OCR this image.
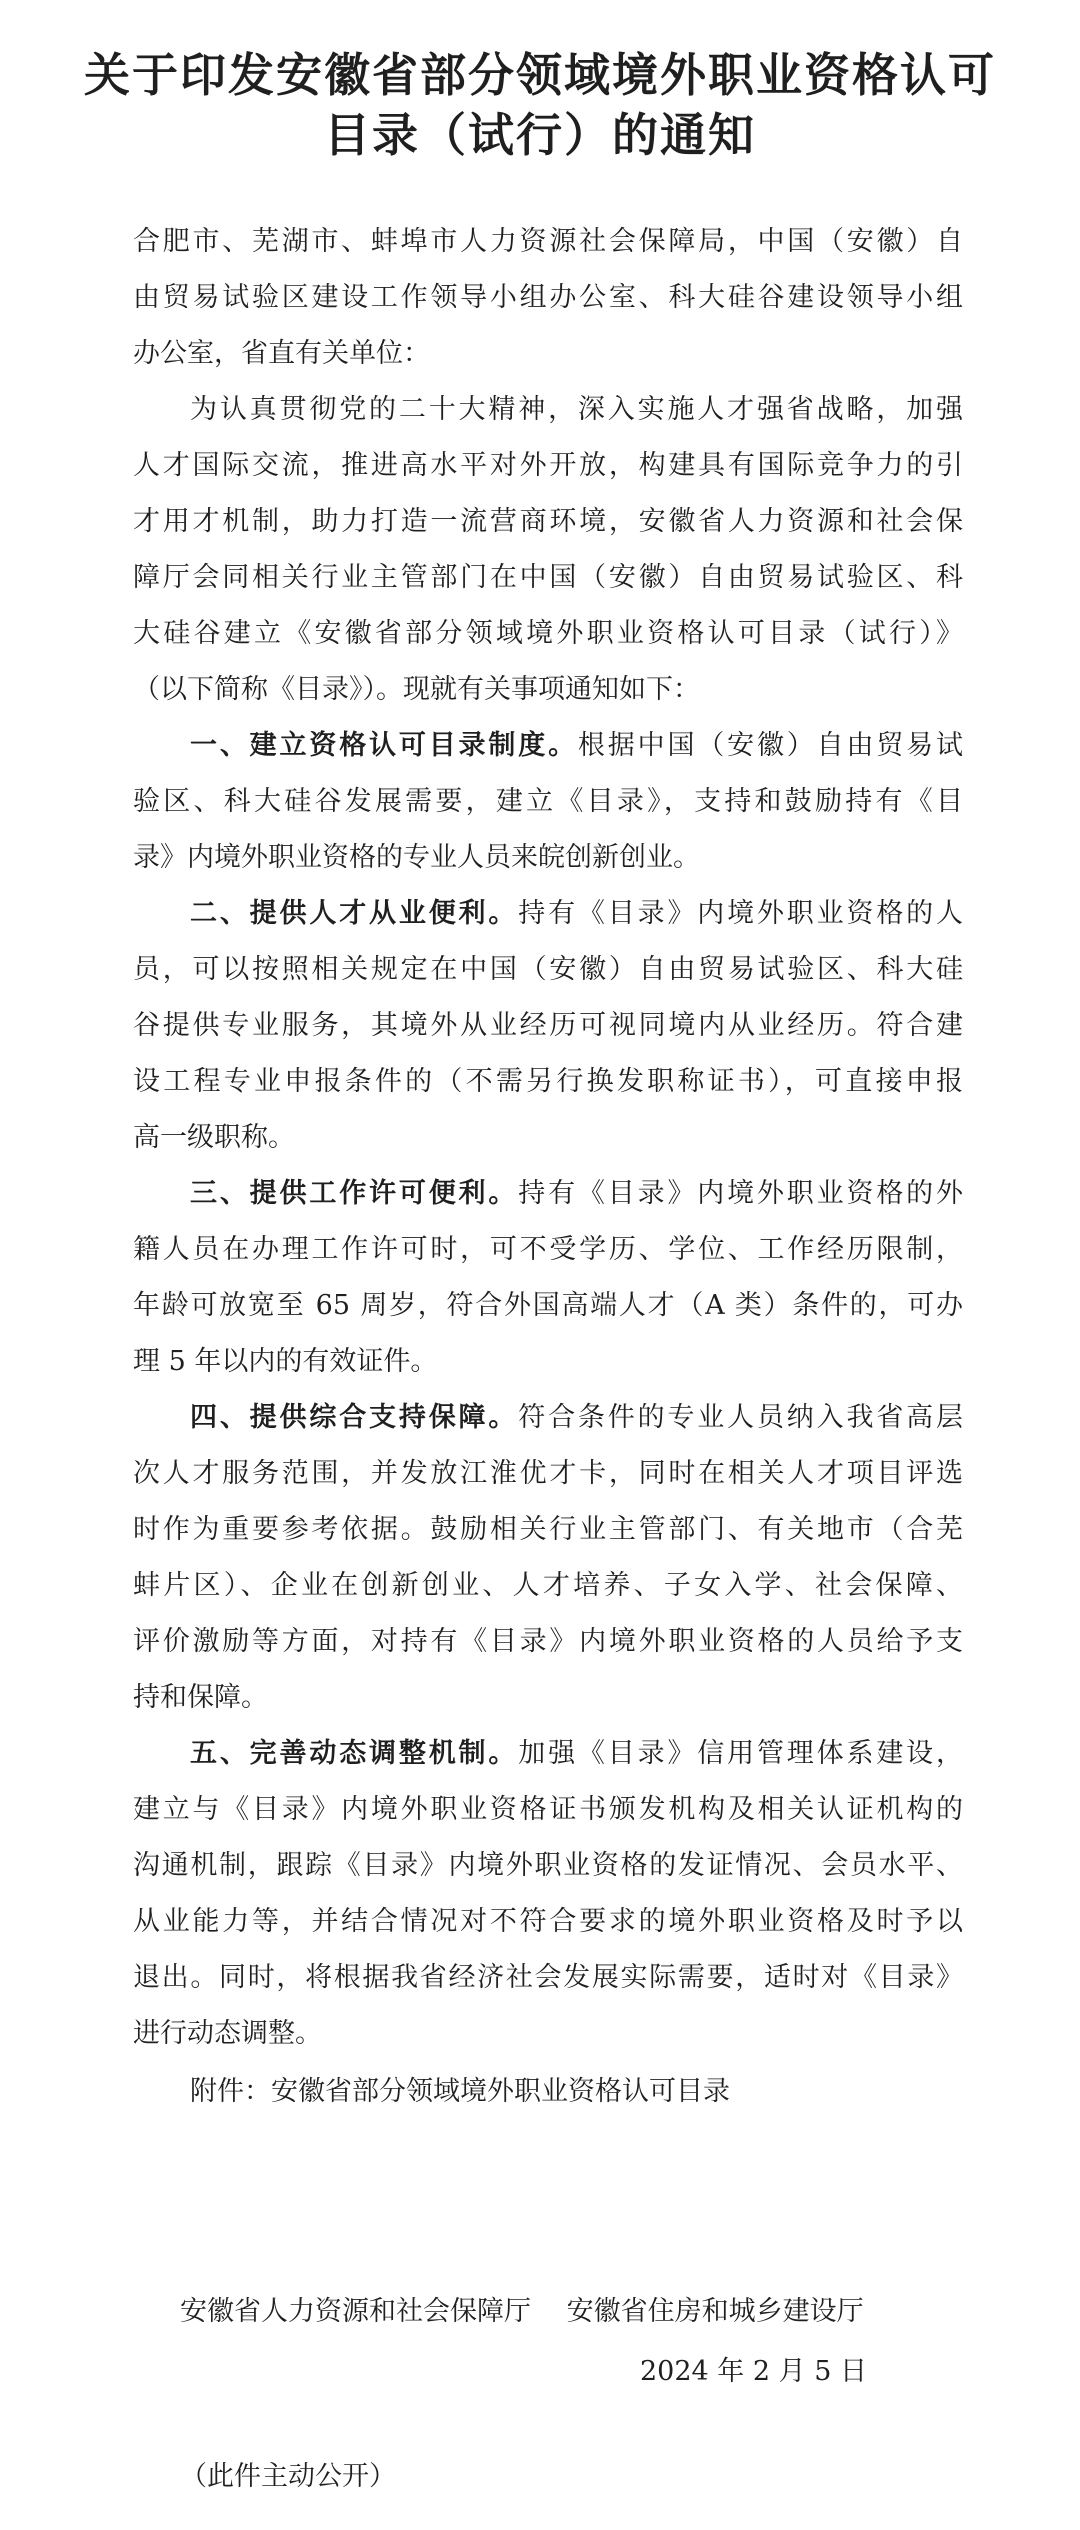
关于印发安徽省部分领域境外职业资格认可
目录（试行）的通知
合肥市、芜湖市、蚌埠市人力资源社会保障局，中国（安徽）自
由贸易试验区建设工作领导小组办公室、科大硅谷建设领导小组
办公室，省直有关单位：
为认真贯彻党的二十大精神，深入实施人才强省战略，加强
人才国际交流，推进高水平对外开放，构建具有国际竞争力的引
才用才机制，助力打造一流营商环境，安徽省人力资源和社会保
障厅会同相关行业主管部门在中国（安徽）自由贸易试验区、科
大硅谷建立《安徽省部分领域境外职业资格认可目录（试行）》
（以下简称《目录》）。现就有关事项通知如下：
一、建立资格认可目录制度。根据中国（安徽）自由贸易试
验区、科大硅谷发展需要，建立《目录》，支持和鼓励持有《目
录》内境外职业资格的专业人员来皖创新创业。
二、提供人才从业便利。持有《目录》内境外职业资格的人
员，可以按照相关规定在中国（安徽）自由贸易试验区、科大硅
谷提供专业服务，其境外从业经历可视同境内从业经历。符合建
设工程专业申报条件的（不需另行换发职称证书），可直接申报
高一级职称。
三、提供工作许可便利。持有《目录》内境外职业资格的外
籍人员在办理工作许可时，可不受学历、学位、工作经历限制，
年龄可放宽至 65 周岁，符合外国高端人才（A 类）条件的，可办
理 5 年以内的有效证件。
四、提供综合支持保障。符合条件的专业人员纳入我省高层
次人才服务范围，并发放江淮优才卡，同时在相关人才项目评选
时作为重要参考依据。鼓励相关行业主管部门、有关地市（合芜
蚌片区）、企业在创新创业、人才培养、子女入学、社会保障、
评价激励等方面，对持有《目录》内境外职业资格的人员给予支
持和保障。
五、完善动态调整机制。加强《目录》信用管理体系建设，
建立与《目录》内境外职业资格证书颁发机构及相关认证机构的
沟通机制，跟踪《目录》内境外职业资格的发证情况、会员水平、
从业能力等，并结合情况对不符合要求的境外职业资格及时予以
退出。同时，将根据我省经济社会发展实际需要，适时对《目录》
进行动态调整。
附件：安徽省部分领域境外职业资格认可目录
安徽省人力资源和社会保障厅　 安徽省住房和城乡建设厅
2024 年 2 月 5 日
（此件主动公开）
